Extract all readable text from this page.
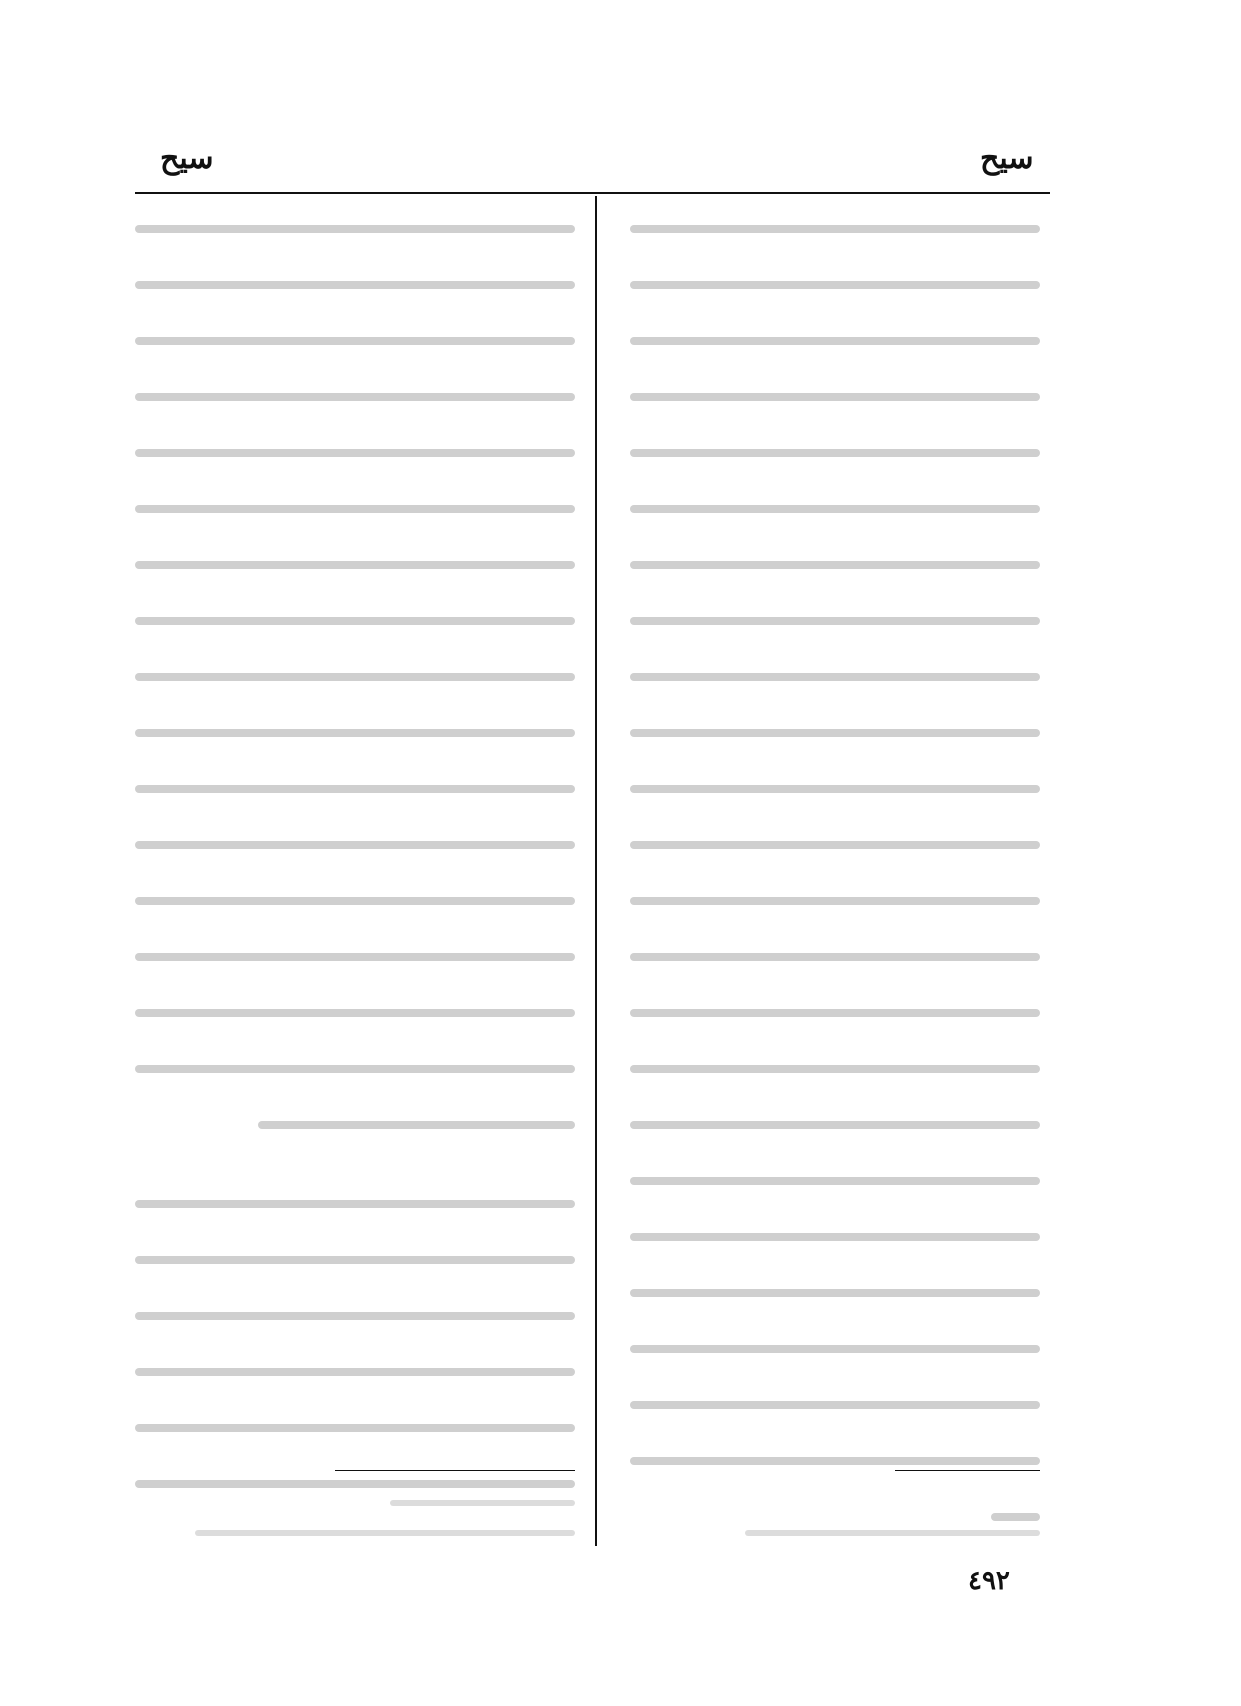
سيح
سيح
٤٩٢
